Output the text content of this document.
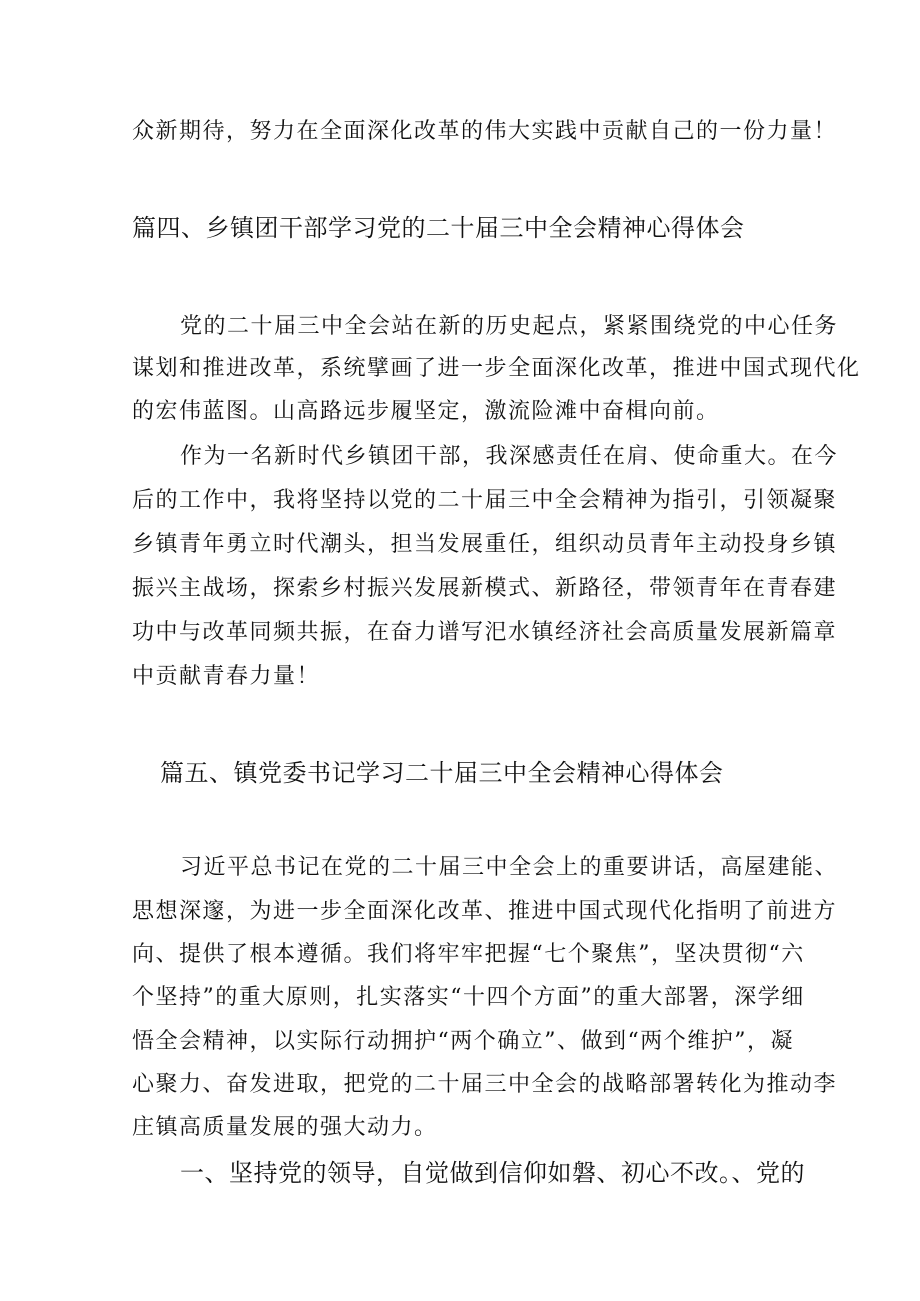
众新期待，努力在全面深化改革的伟大实践中贡献自己的一份力量！
篇四、乡镇团干部学习党的二十届三中全会精神心得体会
党的二十届三中全会站在新的历史起点，紧紧围绕党的中心任务
谋划和推进改革，系统擘画了进一步全面深化改革，推进中国式现代化
的宏伟蓝图。山高路远步履坚定，激流险滩中奋楫向前。
作为一名新时代乡镇团干部，我深感责任在肩、使命重大。在今
后的工作中，我将坚持以党的二十届三中全会精神为指引，引领凝聚
乡镇青年勇立时代潮头，担当发展重任，组织动员青年主动投身乡镇
振兴主战场，探索乡村振兴发展新模式、新路径，带领青年在青春建
功中与改革同频共振，在奋力谱写汜水镇经济社会高质量发展新篇章
中贡献青春力量！
篇五、镇党委书记学习二十届三中全会精神心得体会
习近平总书记在党的二十届三中全会上的重要讲话，高屋建能、
思想深邃，为进一步全面深化改革、推进中国式现代化指明了前进方
向、提供了根本遵循。我们将牢牢把握“七个聚焦”，坚决贯彻“六
个坚持”的重大原则，扎实落实“十四个方面”的重大部署，深学细
悟全会精神，以实际行动拥护“两个确立”、做到“两个维护”，凝
心聚力、奋发进取，把党的二十届三中全会的战略部署转化为推动李
庄镇高质量发展的强大动力。
一、坚持党的领导，自觉做到信仰如磐、初心不改。、党的
